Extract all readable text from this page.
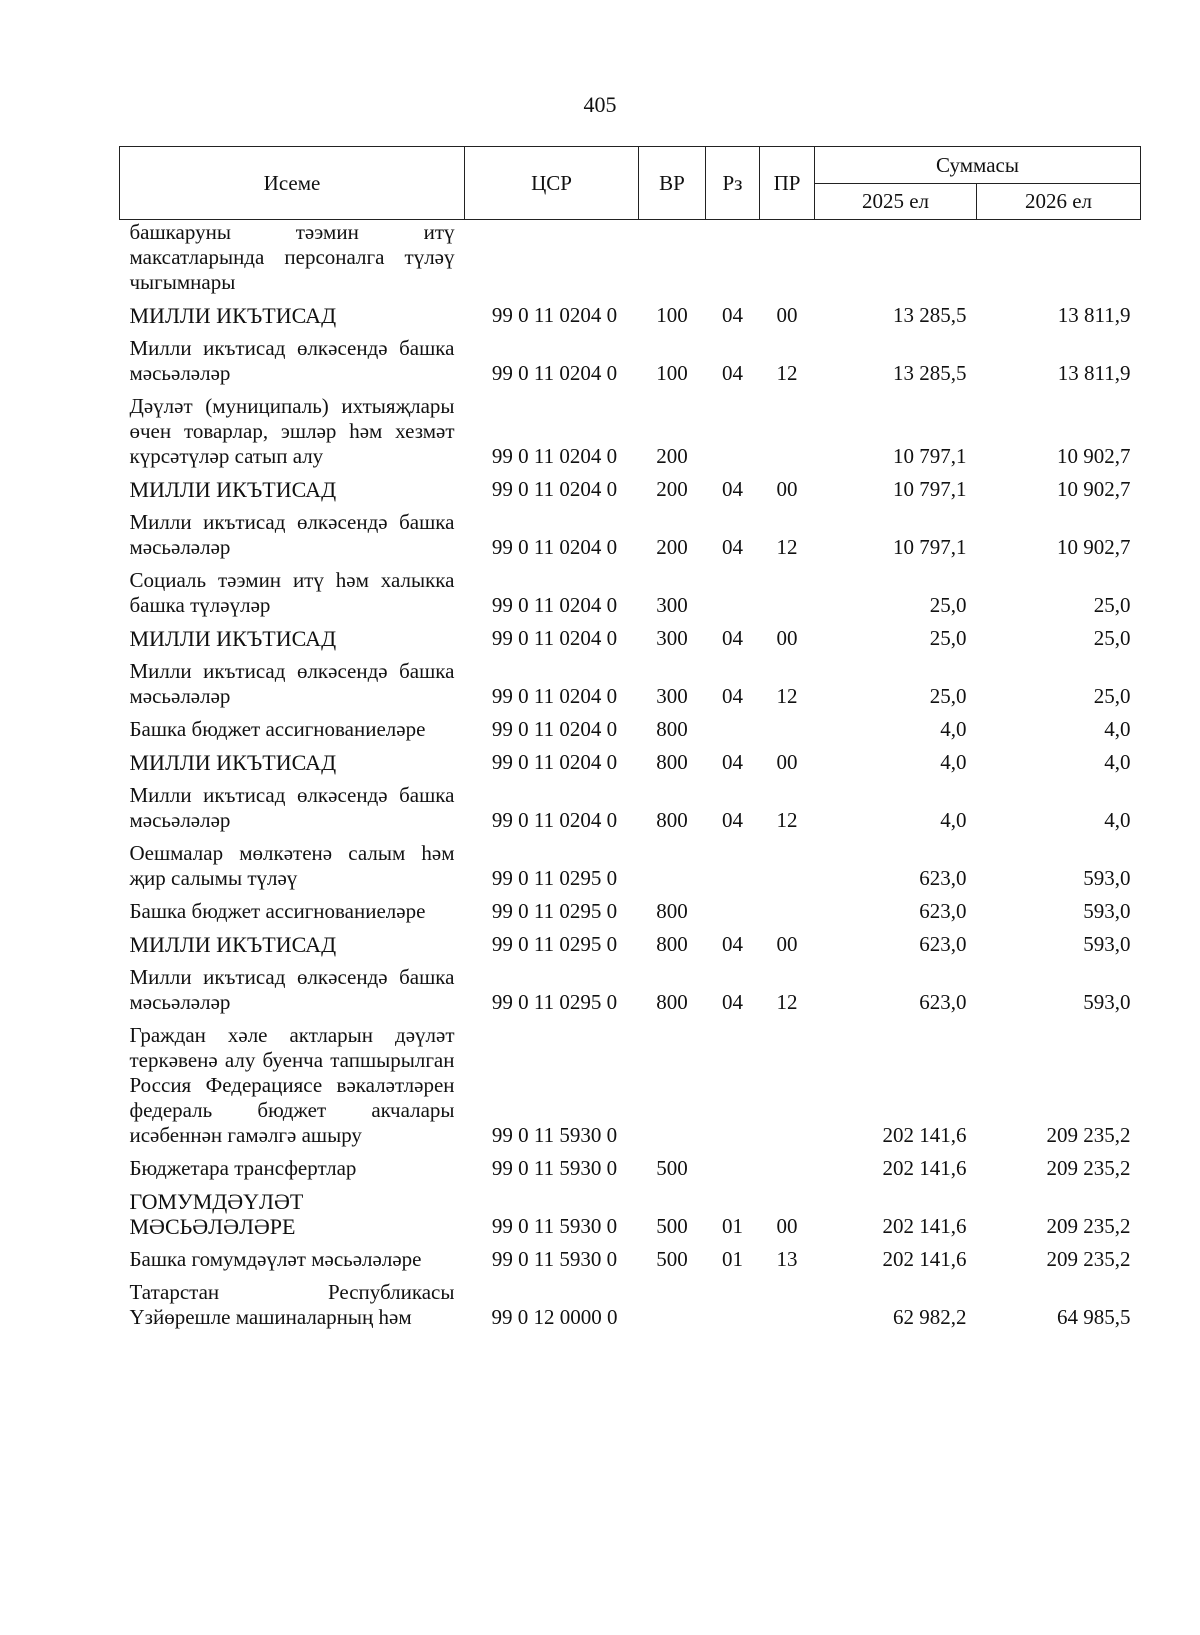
405
Исеме	ЦСР	ВР	Рз	ПР	Суммасы	
					2025 ел	2026 ел

башкаруны тәэмин итү максатларында персоналга түләү чыгымнары						

МИЛЛИ ИКЪТИСАД	99 0 11 0204 0	100	04	00	13 285,5	13 811,9

Милли икътисад өлкәсендә башка мәсьәләләр	99 0 11 0204 0	100	04	12	13 285,5	13 811,9

Дәүләт (муниципаль) ихтыяҗлары өчен товарлар, эшләр һәм хезмәт күрсәтүләр сатып алу	99 0 11 0204 0	200			10 797,1	10 902,7

МИЛЛИ ИКЪТИСАД	99 0 11 0204 0	200	04	00	10 797,1	10 902,7

Милли икътисад өлкәсендә башка мәсьәләләр	99 0 11 0204 0	200	04	12	10 797,1	10 902,7

Социаль тәэмин итү һәм халыкка башка түләүләр	99 0 11 0204 0	300			25,0	25,0

МИЛЛИ ИКЪТИСАД	99 0 11 0204 0	300	04	00	25,0	25,0

Милли икътисад өлкәсендә башка мәсьәләләр	99 0 11 0204 0	300	04	12	25,0	25,0

Башка бюджет ассигнованиеләре	99 0 11 0204 0	800			4,0	4,0

МИЛЛИ ИКЪТИСАД	99 0 11 0204 0	800	04	00	4,0	4,0

Милли икътисад өлкәсендә башка мәсьәләләр	99 0 11 0204 0	800	04	12	4,0	4,0

Оешмалар мөлкәтенә салым һәм җир салымы түләү	99 0 11 0295 0				623,0	593,0

Башка бюджет ассигнованиеләре	99 0 11 0295 0	800			623,0	593,0

МИЛЛИ ИКЪТИСАД	99 0 11 0295 0	800	04	00	623,0	593,0

Милли икътисад өлкәсендә башка мәсьәләләр	99 0 11 0295 0	800	04	12	623,0	593,0

Граждан хәле актларын дәүләт теркәвенә алу буенча тапшырылган Россия Федерациясе вәкаләтләрен федераль бюджет акчалары исәбеннән гамәлгә ашыру	99 0 11 5930 0				202 141,6	209 235,2

Бюджетара трансфертлар	99 0 11 5930 0	500			202 141,6	209 235,2

ГОМУМДӘҮЛӘТ МӘСЬӘЛӘЛӘРЕ	99 0 11 5930 0	500	01	00	202 141,6	209 235,2

Башка гомумдәүләт мәсьәләләре	99 0 11 5930 0	500	01	13	202 141,6	209 235,2

Татарстан Республикасы Үзйөрешле машиналарның һәм	99 0 12 0000 0				62 982,2	64 985,5
